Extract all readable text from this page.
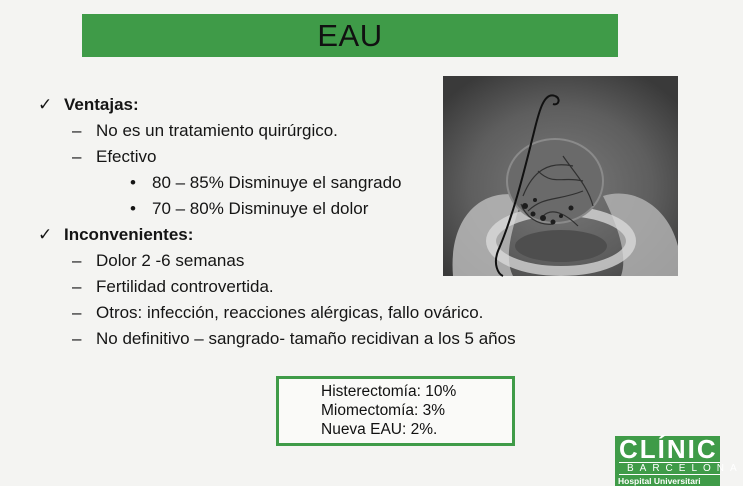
EAU
✓ Ventajas:
– No es un tratamiento quirúrgico.
– Efectivo
• 80 – 85% Disminuye el sangrado
• 70 – 80% Disminuye el dolor
✓ Inconvenientes:
– Dolor 2 -6 semanas
– Fertilidad controvertida.
– Otros: infección, reacciones alérgicas, fallo ovárico.
– No definitivo – sangrado- tamaño recidivan a los 5 años
Histerectomía: 10%
Miomectomía: 3%
Nueva EAU: 2%.
CLÍNIC
BARCELONA
Hospital Universitari
